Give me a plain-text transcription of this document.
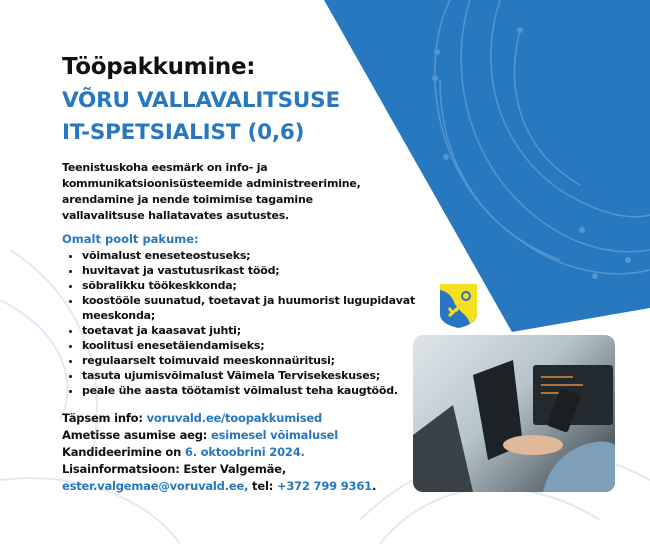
Tööpakkumine:
VÕRU VALLAVALITSUSE
IT-SPETSIALIST (0,6)
Teenistuskoha eesmärk on info- ja kommunikatsioonisüsteemide administreerimine, arendamine ja nende toimimise tagamine vallavalitsuse hallatavates asutustes.
Omalt poolt pakume:
• võimalust eneseteostuseks;
• huvitavat ja vastutusrikast tööd;
• sõbralikku töökeskkonda;
• koostööle suunatud, toetavat ja huumorist lugupidavat meeskonda;
• toetavat ja kaasavat juhti;
• koolitusi enesetäiendamiseks;
• regulaarselt toimuvaid meeskonnaüritusi;
• tasuta ujumisvõimalust Väimela Tervisekeskuses;
• peale ühe aasta töötamist võimalust teha kaugtööd.
Täpsem info: voruvald.ee/toopakkumised
Ametisse asumise aeg: esimesel võimalusel
Kandideerimine on 6. oktoobrini 2024.
Lisainformatsioon: Ester Valgemäe,
ester.valgemae@voruvald.ee, tel: +372 799 9361.
